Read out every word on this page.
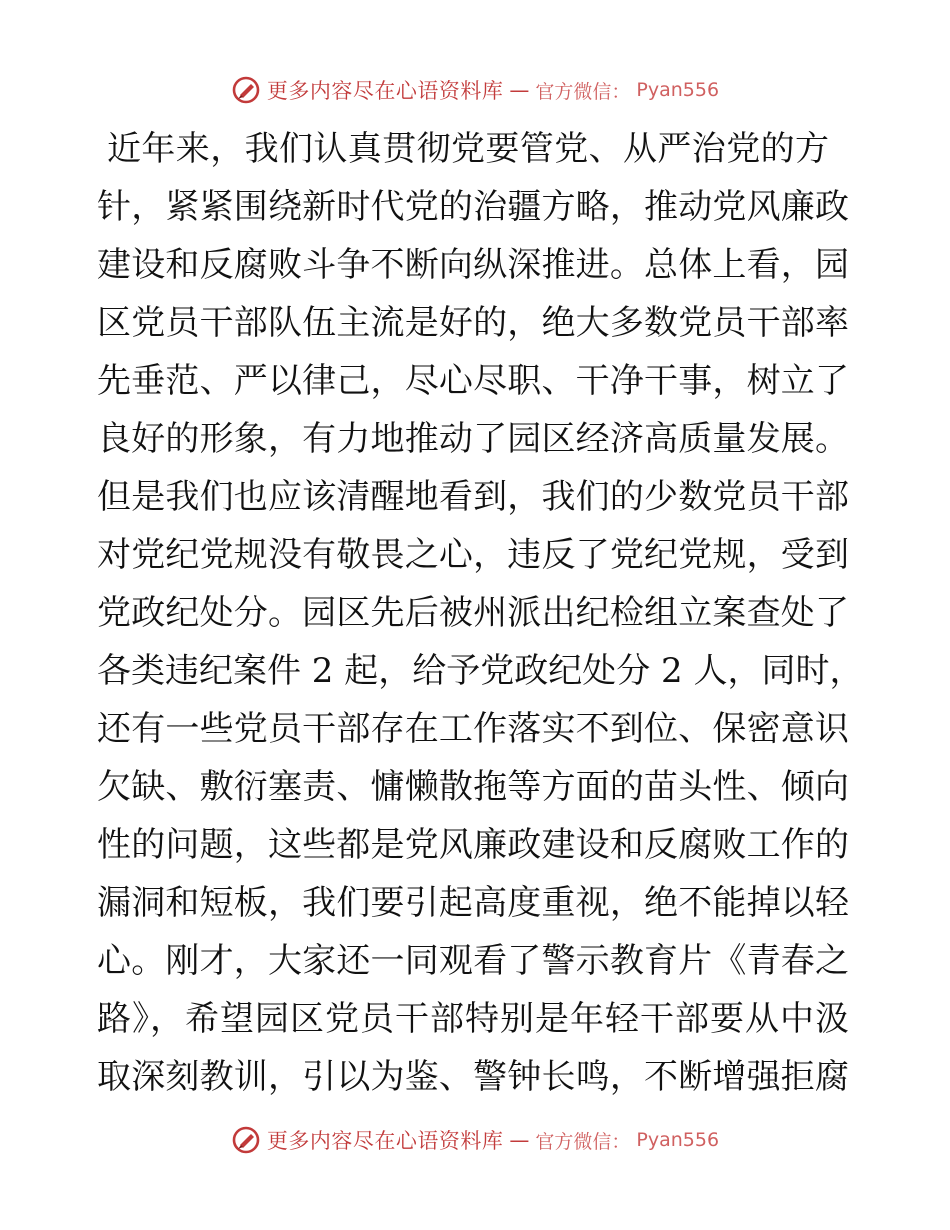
更多内容尽在心语资料库 — 官方微信： Pyan556
近年来，我们认真贯彻党要管党、从严治党的方
针，紧紧围绕新时代党的治疆方略，推动党风廉政
建设和反腐败斗争不断向纵深推进。总体上看，园
区党员干部队伍主流是好的，绝大多数党员干部率
先垂范、严以律己，尽心尽职、干净干事，树立了
良好的形象，有力地推动了园区经济高质量发展。
但是我们也应该清醒地看到，我们的少数党员干部
对党纪党规没有敬畏之心，违反了党纪党规，受到
党政纪处分。园区先后被州派出纪检组立案查处了
各类违纪案件 2 起，给予党政纪处分 2 人，同时，
还有一些党员干部存在工作落实不到位、保密意识
欠缺、敷衍塞责、慵懒散拖等方面的苗头性、倾向
性的问题，这些都是党风廉政建设和反腐败工作的
漏洞和短板，我们要引起高度重视，绝不能掉以轻
心。刚才，大家还一同观看了警示教育片《青春之
路》，希望园区党员干部特别是年轻干部要从中汲
取深刻教训，引以为鉴、警钟长鸣，不断增强拒腐
更多内容尽在心语资料库 — 官方微信： Pyan556
